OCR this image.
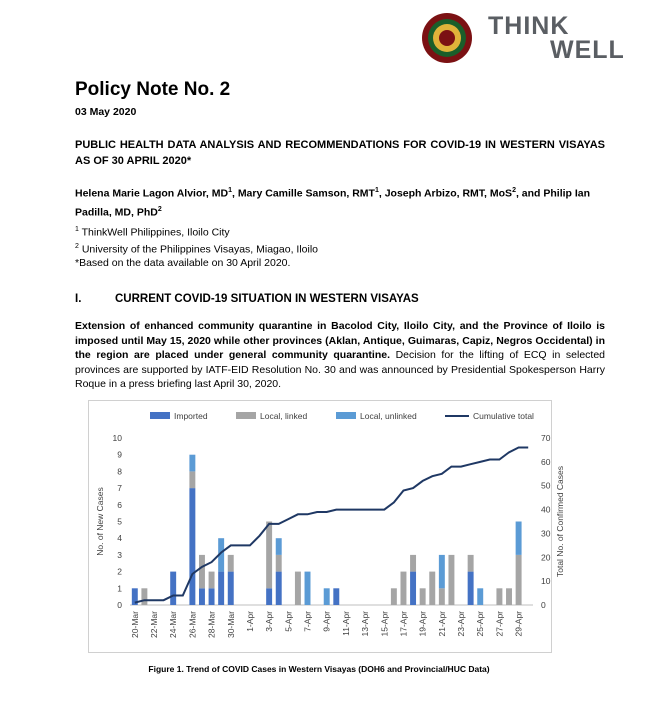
THINK
WELL
Policy Note No. 2
03 May 2020
PUBLIC HEALTH DATA ANALYSIS AND RECOMMENDATIONS FOR COVID-19 IN WESTERN VISAYAS AS OF 30 APRIL 2020*
Helena Marie Lagon Alvior, $MD^1$, Mary Camille Samson, RMT$^1$, Joseph Arbizo, RMT, MoS$^2$, and Philip Ian Padilla, MD, PhD$^2$
$^1$ ThinkWell Philippines, Iloilo City
$^2$ University of the Philippines Visayas, Miagao, Iloilo
*Based on the data available on 30 April 2020.
I.	CURRENT COVID-19 SITUATION IN WESTERN VISAYAS
Extension of enhanced community quarantine in Bacolod City, Iloilo City, and the Province of Iloilo is imposed until May 15, 2020 while other provinces (Aklan, Antique, Guimaras, Capiz, Negros Occidental) in the region are placed under general community quarantine. Decision for the lifting of ECQ in selected provinces are supported by IATF-EID Resolution No. 30 and was announced by Presidential Spokesperson Harry Roque in a press briefing last April 30, 2020.
Imported	Local, linked	Local, unlinked	Cumulative total
0
1
2
3
4
5
6
7
8
9
10
0
10
20
30
40
50
60
70
No. of New Cases	Total No. of Confirmed Cases
20-Mar 22-Mar 24-Mar 26-Mar 28-Mar 30-Mar 1-Apr 3-Apr 5-Apr 7-Apr 9-Apr 11-Apr 13-Apr 15-Apr 17-Apr 19-Apr 21-Apr 23-Apr 25-Apr 27-Apr 29-Apr
Figure 1. Trend of COVID Cases in Western Visayas (DOH6 and Provincial/HUC Data)
